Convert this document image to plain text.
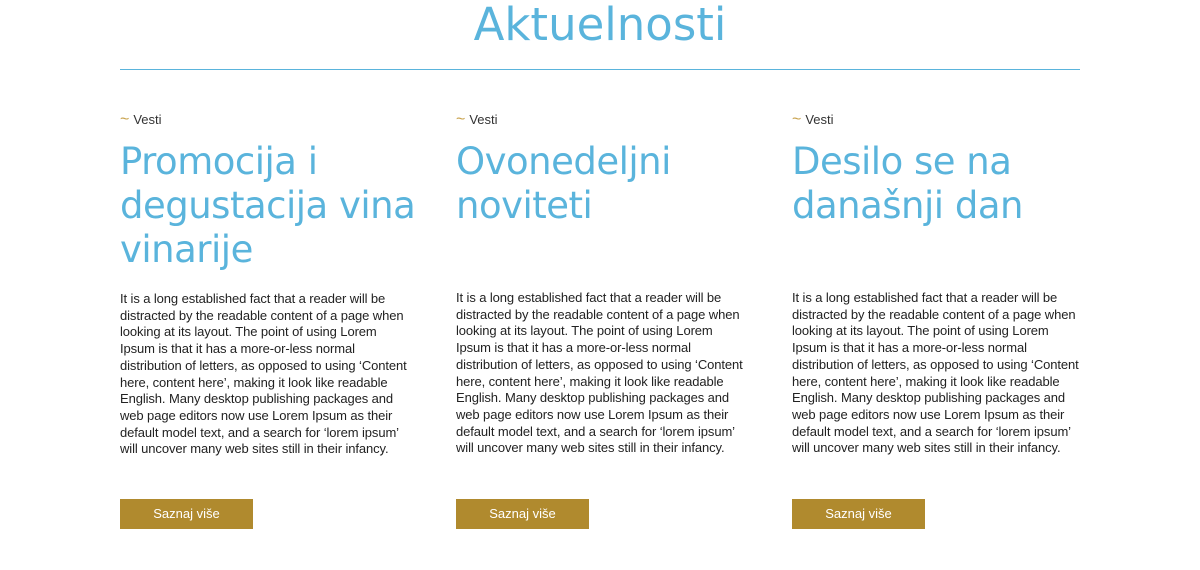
Aktuelnosti
~ Vesti
Promocija i degustacija vina vinarije

It is a long established fact that a reader will be distracted by the readable content of a page when looking at its layout. The point of using Lorem Ipsum is that it has a more-or-less normal distribution of letters, as opposed to using ‘Content here, content here’, making it look like readable English. Many desktop publishing packages and web page editors now use Lorem Ipsum as their default model text, and a search for ‘lorem ipsum’ will uncover many web sites still in their infancy.

Saznaj više
~ Vesti
Ovonedeljni noviteti

It is a long established fact that a reader will be distracted by the readable content of a page when looking at its layout. The point of using Lorem Ipsum is that it has a more-or-less normal distribution of letters, as opposed to using ‘Content here, content here’, making it look like readable English. Many desktop publishing packages and web page editors now use Lorem Ipsum as their default model text, and a search for ‘lorem ipsum’ will uncover many web sites still in their infancy.

Saznaj više
~ Vesti
Desilo se na današnji dan

It is a long established fact that a reader will be distracted by the readable content of a page when looking at its layout. The point of using Lorem Ipsum is that it has a more-or-less normal distribution of letters, as opposed to using ‘Content here, content here’, making it look like readable English. Many desktop publishing packages and web page editors now use Lorem Ipsum as their default model text, and a search for ‘lorem ipsum’ will uncover many web sites still in their infancy.

Saznaj više
